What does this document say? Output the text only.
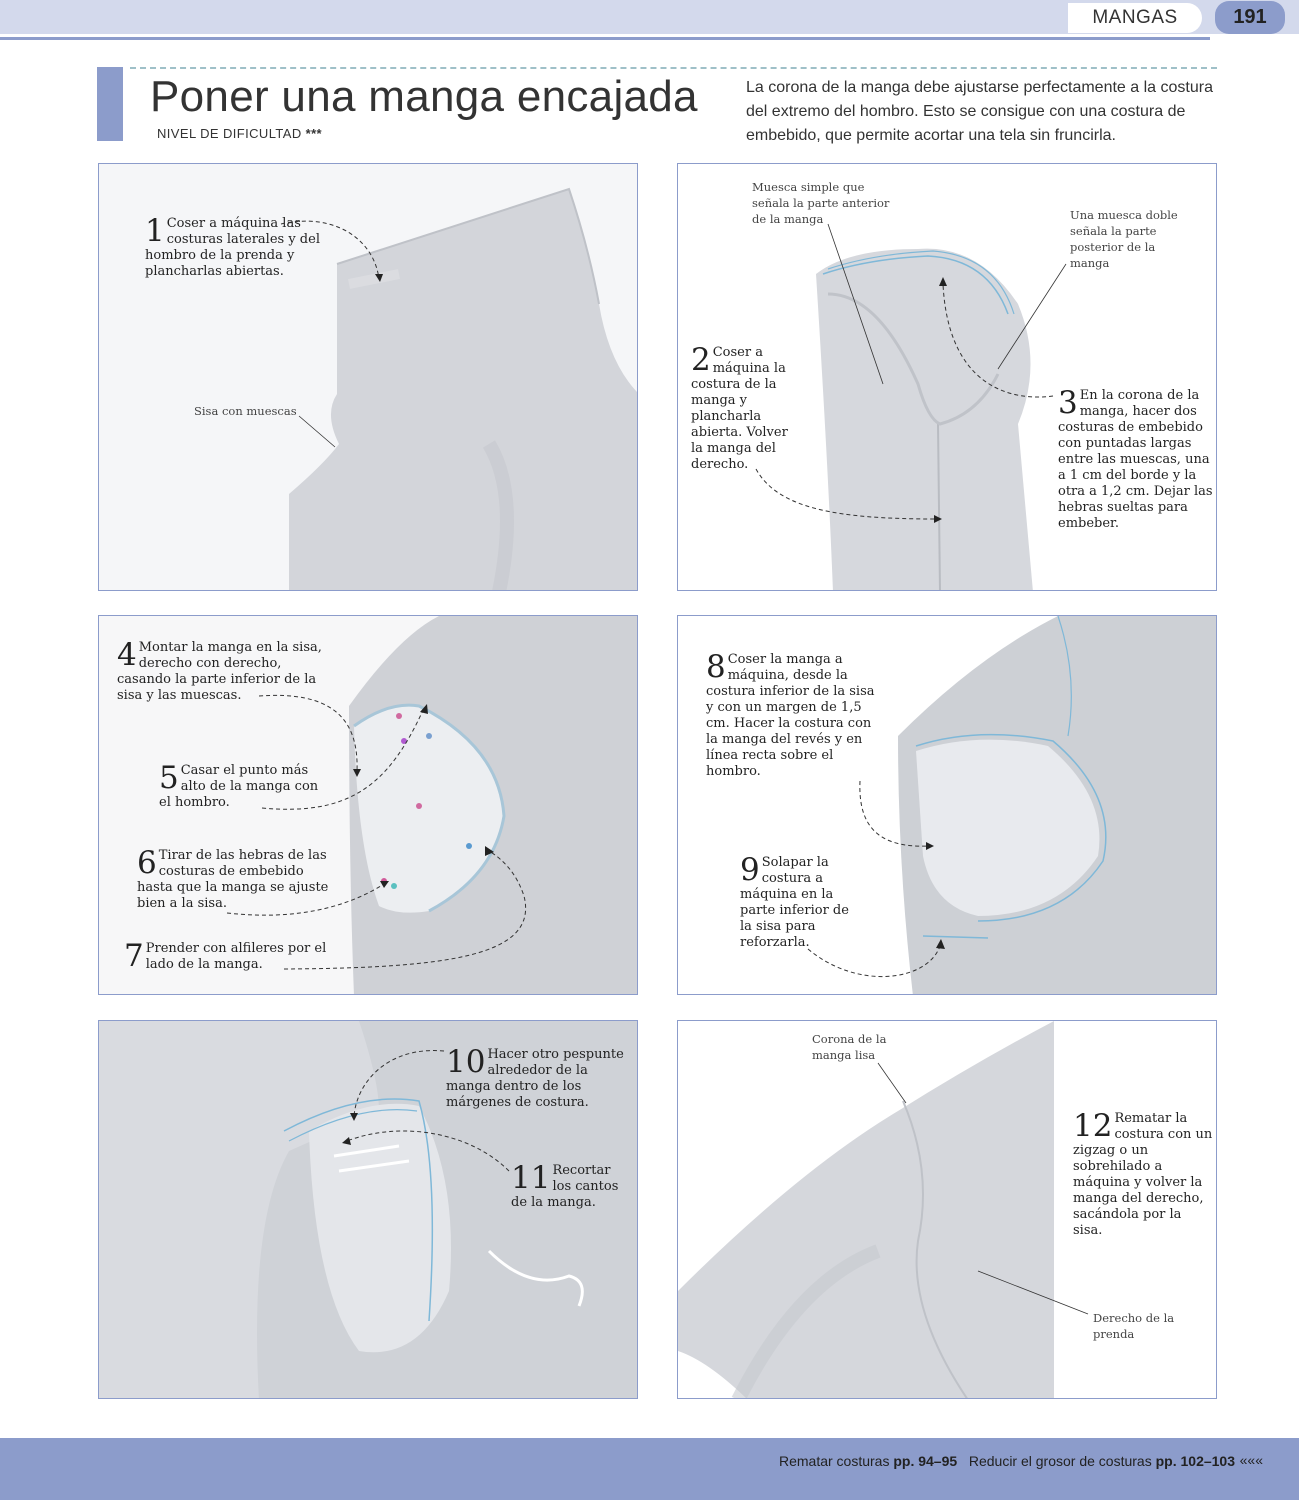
MANGAS	191
Poner una manga encajada
NIVEL DE DIFICULTAD ***

La corona de la manga debe ajustarse perfectamente a la costura del extremo del hombro. Esto se consigue con una costura de embebido, que permite acortar una tela sin fruncirla.

1 Coser a máquina las costuras laterales y del hombro de la prenda y plancharlas abiertas.
Sisa con muescas
Muesca simple que señala la parte anterior de la manga	Una muesca doble señala la parte posterior de la manga
2 Coser a máquina la costura de la manga y plancharla abierta. Volver la manga del derecho.
3 En la corona de la manga, hacer dos costuras de embebido con puntadas largas entre las muescas, una a 1 cm del borde y la otra a 1,2 cm. Dejar las hebras sueltas para embeber.
4 Montar la manga en la sisa, derecho con derecho, casando la parte inferior de la sisa y las muescas.
5 Casar el punto más alto de la manga con el hombro.
6 Tirar de las hebras de las costuras de embebido hasta que la manga se ajuste bien a la sisa.
7 Prender con alfileres por el lado de la manga.
8 Coser la manga a máquina, desde la costura inferior de la sisa y con un margen de 1,5 cm. Hacer la costura con la manga del revés y en línea recta sobre el hombro.
9 Solapar la costura a máquina en la parte inferior de la sisa para reforzarla.
10 Hacer otro pespunte alrededor de la manga dentro de los márgenes de costura.
11 Recortar los cantos de la manga.
Corona de la manga lisa
12 Rematar la costura con un zigzag o un sobrehilado a máquina y volver la manga del derecho, sacándola por la sisa.
Derecho de la prenda
Rematar costuras pp. 94–95 Reducir el grosor de costuras pp. 102–103 «««
